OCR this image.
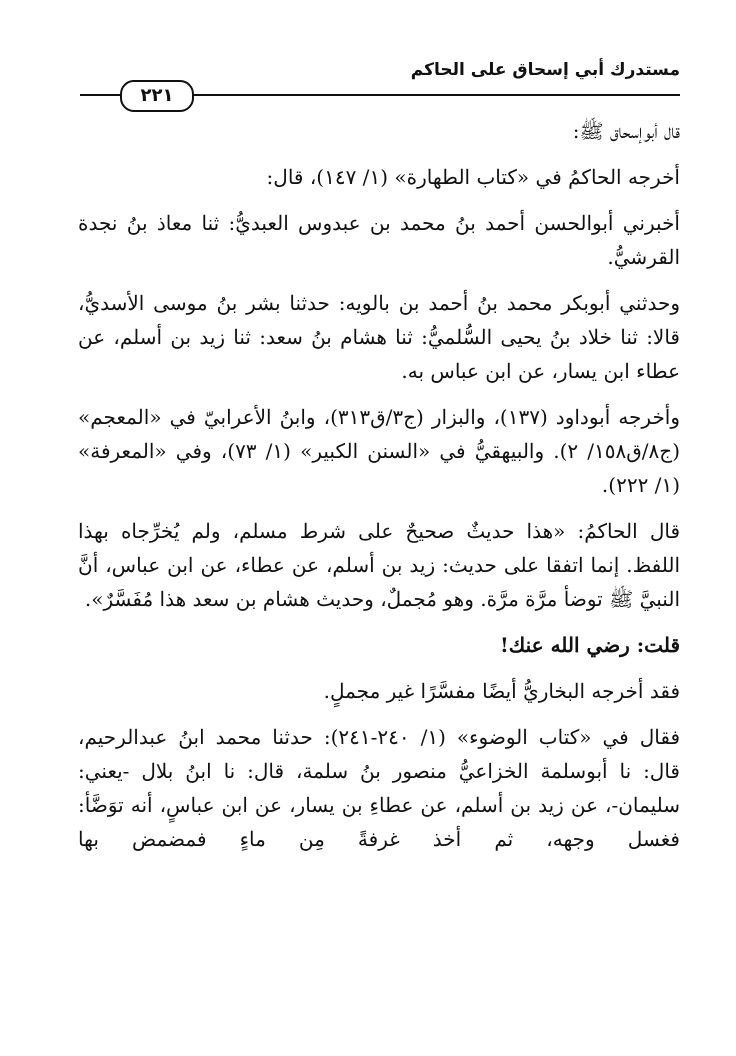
مستدرك أبي إسحاق على الحاكم
٢٢١

قال أبوإسحاق ﷺ:

أخرجه الحاكمُ في «كتاب الطهارة» (١/ ١٤٧)، قال:

أخبرني أبوالحسن أحمد بنُ محمد بن عبدوس العبديُّ: ثنا معاذ بنُ نجدة القرشيُّ.

وحدثني أبوبكر محمد بنُ أحمد بن بالويه: حدثنا بشر بنُ موسى الأسديُّ، قالا: ثنا خلاد بنُ يحيى السُّلميُّ: ثنا هشام بنُ سعد: ثنا زيد بن أسلم، عن عطاء ابن يسار، عن ابن عباس به.

وأخرجه أبوداود (١٣٧)، والبزار (ج٣/ق٣١٣)، وابنُ الأعرابيّ في «المعجم» (ج٨/ق١٥٨/ ٢). والبيهقيُّ في «السنن الكبير» (١/ ٧٣)، وفي «المعرفة» (١/ ٢٢٢).

قال الحاكمُ: «هذا حديثٌ صحيحٌ على شرط مسلم، ولم يُخرِّجاه بهذا اللفظ. إنما اتفقا على حديث: زيد بن أسلم، عن عطاء، عن ابن عباس، أنَّ النبيَّ ﷺ توضأ مرَّة مرَّة. وهو مُجملٌ، وحديث هشام بن سعد هذا مُفَسَّرٌ».

قلت: رضي الله عنك!

فقد أخرجه البخاريُّ أيضًا مفسَّرًا غير مجملٍ.

فقال في «كتاب الوضوء» (١/ ٢٤٠-٢٤١): حدثنا محمد ابنُ عبدالرحيم، قال: نا أبوسلمة الخزاعيُّ منصور بنُ سلمة، قال: نا ابنُ بلال -يعني: سليمان-، عن زيد بن أسلم، عن عطاءِ بن يسار، عن ابن عباسٍ، أنه توَضَّأ: فغسل وجهه، ثم أخذ غرفةً مِن ماءٍ فمضمض بها
